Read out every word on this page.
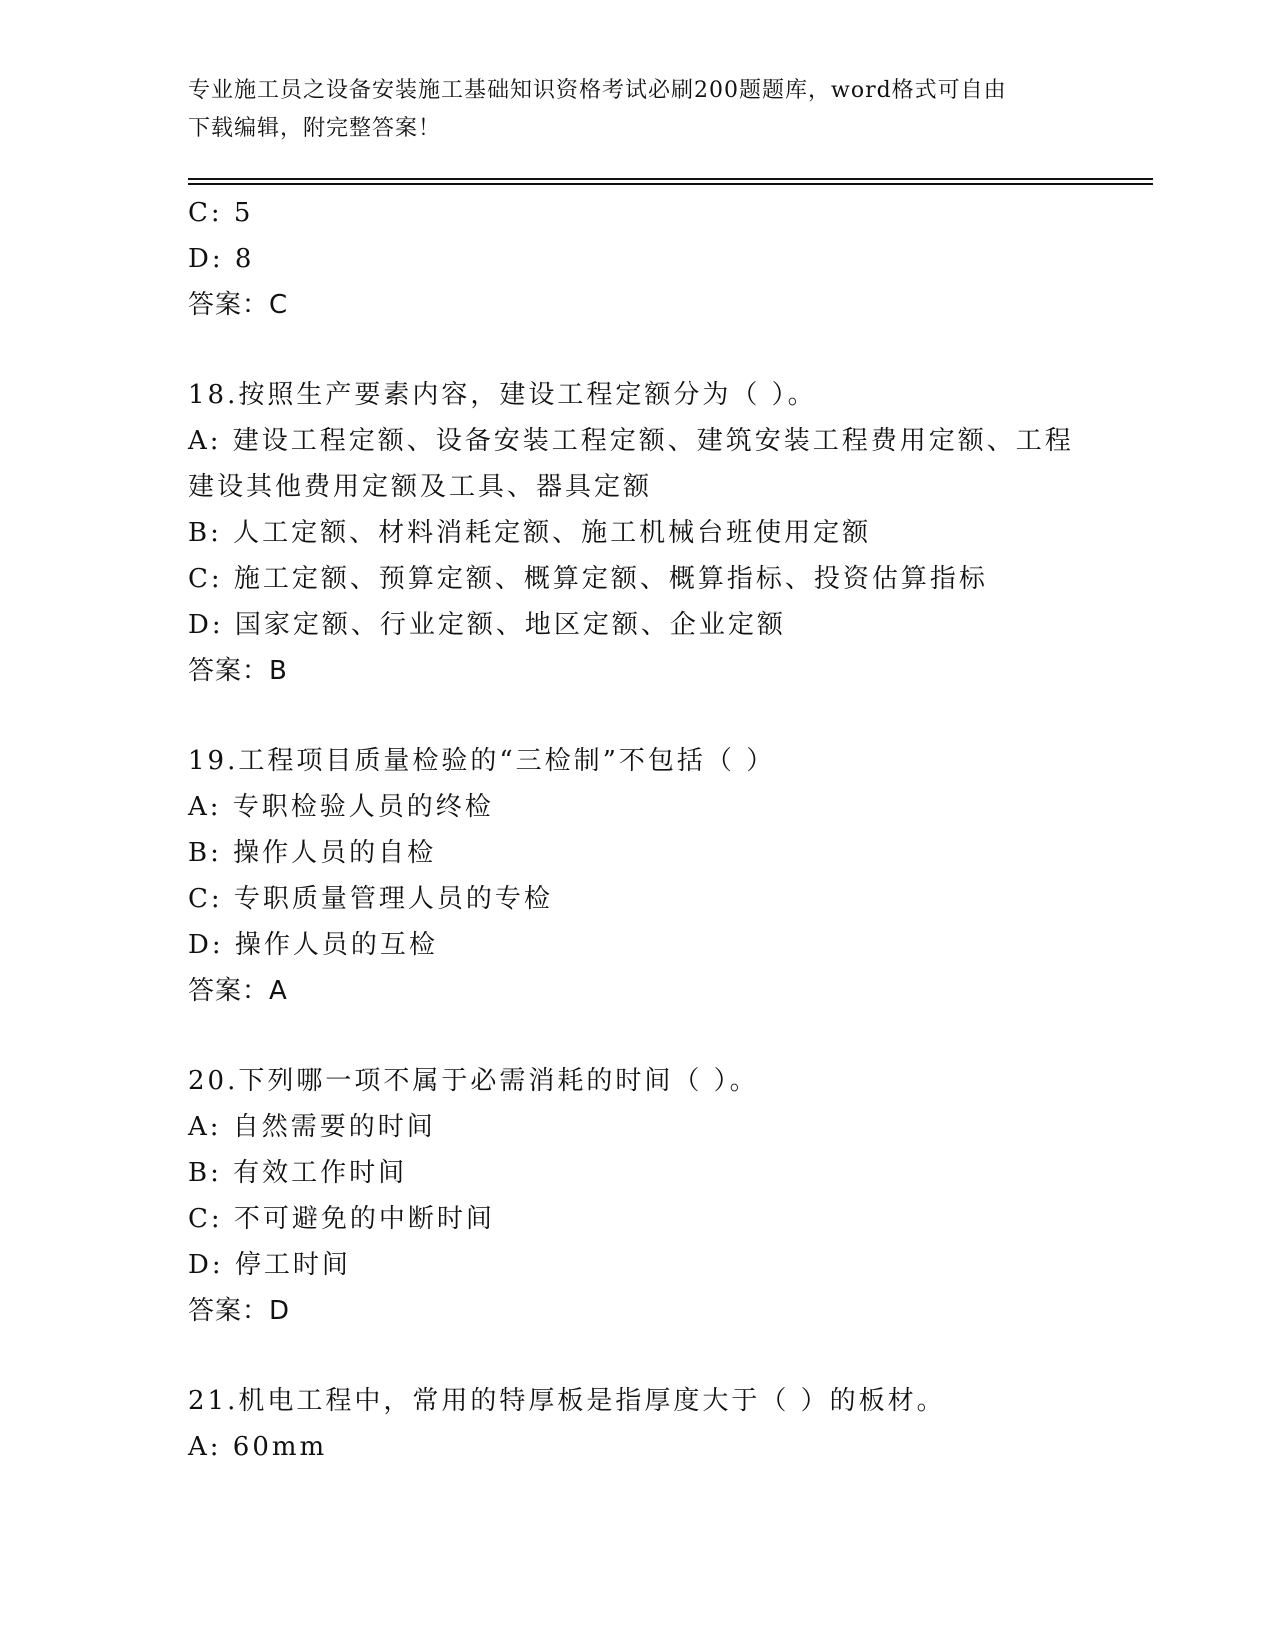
专业施工员之设备安装施工基础知识资格考试必刷200题题库，word格式可自由
下载编辑，附完整答案！
C: 5
D: 8
答案：C
18.按照生产要素内容，建设工程定额分为（ ）。
A: 建设工程定额、设备安装工程定额、建筑安装工程费用定额、工程
建设其他费用定额及工具、器具定额
B: 人工定额、材料消耗定额、施工机械台班使用定额
C: 施工定额、预算定额、概算定额、概算指标、投资估算指标
D: 国家定额、行业定额、地区定额、企业定额
答案：B
19.工程项目质量检验的“三检制”不包括（ ）
A: 专职检验人员的终检
B: 操作人员的自检
C: 专职质量管理人员的专检
D: 操作人员的互检
答案：A
20.下列哪一项不属于必需消耗的时间（ ）。
A: 自然需要的时间
B: 有效工作时间
C: 不可避免的中断时间
D: 停工时间
答案：D
21.机电工程中，常用的特厚板是指厚度大于（ ）的板材。
A: 60mm
